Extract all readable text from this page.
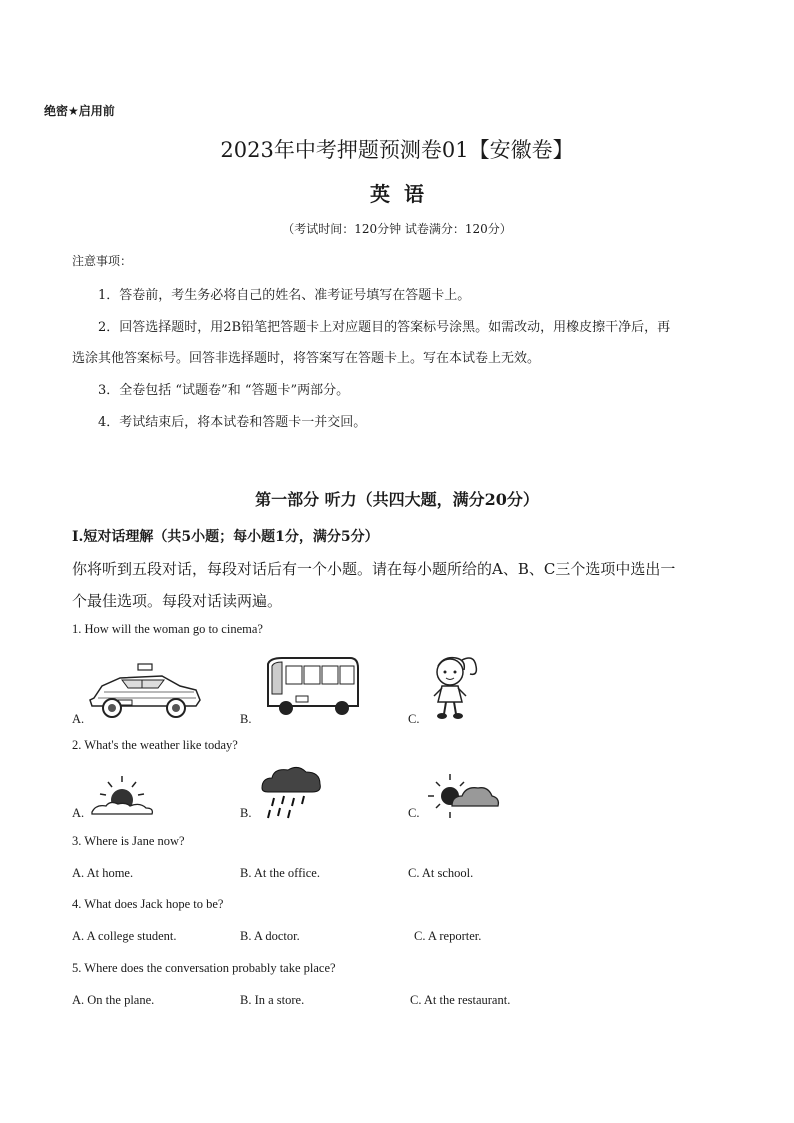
绝密★启用前
2023年中考押题预测卷01【安徽卷】
英语
（考试时间：120分钟 试卷满分：120分）
注意事项：
1．答卷前，考生务必将自己的姓名、准考证号填写在答题卡上。
2．回答选择题时，用2B铅笔把答题卡上对应题目的答案标号涂黑。如需改动，用橡皮擦干净后，再
选涂其他答案标号。回答非选择题时，将答案写在答题卡上。写在本试卷上无效。
3．全卷包括 “试题卷”和 “答题卡”两部分。
4．考试结束后，将本试卷和答题卡一并交回。
第一部分 听力（共四大题，满分20分）
Ⅰ.短对话理解（共5小题；每小题1分，满分5分）
你将听到五段对话，每段对话后有一个小题。请在每小题所给的A、B、C三个选项中选出一
个最佳选项。每段对话读两遍。
1. How will the woman go to cinema?
A.	B.	C.
2. What's the weather like today?
A.	B.	C.
3. Where is Jane now?
A. At home.	B. At the office.	C. At school.
4. What does Jack hope to be?
A. A college student.	B. A doctor.	C. A reporter.
5. Where does the conversation probably take place?
A. On the plane.	B. In a store.	C. At the restaurant.
